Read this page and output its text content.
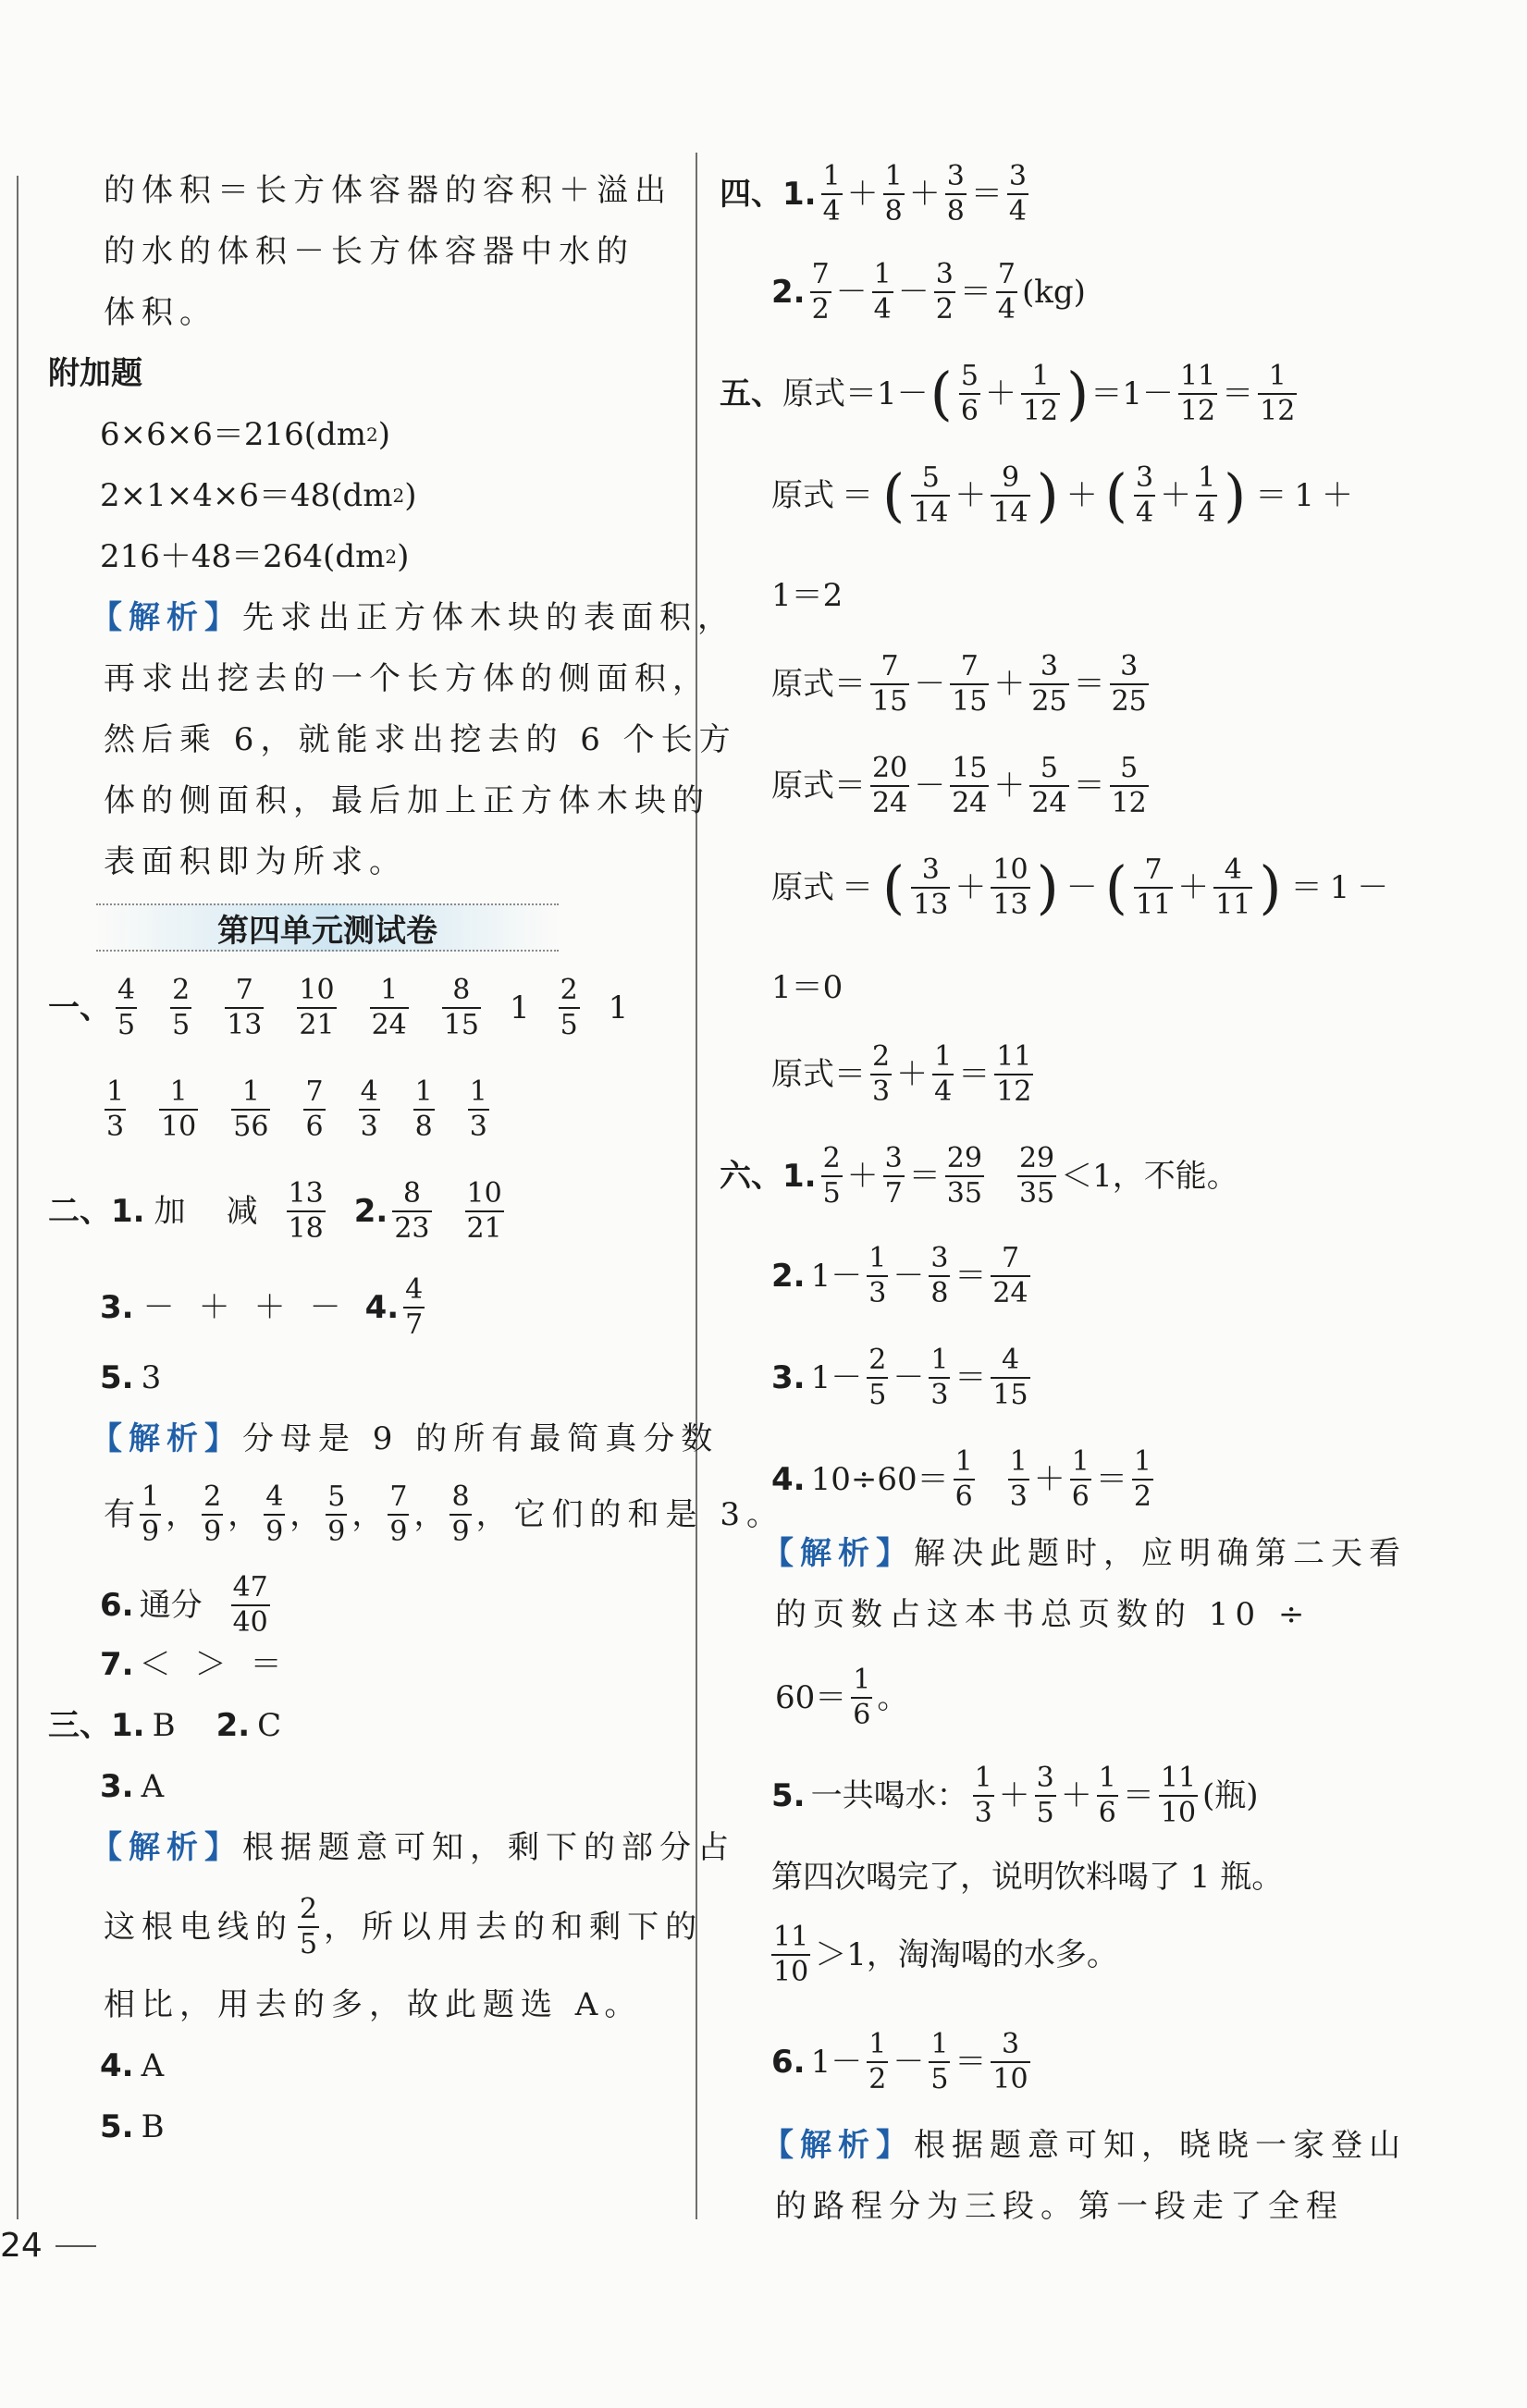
的体积＝长方体容器的容积＋溢出
的水的体积－长方体容器中水的
体积。
附加题
6×6×6＝216(dm 2 )
2×1×4×6＝48(dm 2 )
216＋48＝264(dm 2 )
【解析】 先求出正方体木块的表面积，
再求出挖去的一个长方体的侧面积，
然后乘 6，就能求出挖去的 6 个长方
体的侧面积，最后加上正方体木块的
表面积即为所求。
第四单元测试卷
一、 $\frac{4}{5} \frac{2}{5} \frac{7}{13} \frac{10}{21} \frac{1}{24} \frac{8}{15} 1 \frac{2}{5} 1$
$\frac{1}{3} \frac{1}{10} \frac{1}{56} \frac{7}{6} \frac{4}{3} \frac{1}{8} \frac{1}{3}$
二、1. 加 减 $\frac{13}{18} 2$. $\frac{8}{23} \frac{10}{21}$
3. － ＋ ＋ － 4. $\frac{4}{7}$
5. 3
【解析】 分母是 9 的所有最简真分数
有 $\frac{1}{9}$ ， $\frac{2}{9}$ ， $\frac{4}{9}$ ， $\frac{5}{9}$ ， $\frac{7}{9}$ ， $\frac{8}{9}$ ，它们的和是 3。
6. 通分 $\frac{47}{40}$
7. ＜ ＞ ＝
三、1. B 2. C
3. A
【解析】 根据题意可知，剩下的部分占
这根电线的 $\frac{2}{5}$ ，所以用去的和剩下的
相比，用去的多，故此题选 A。
4. A
5. B
四、1. $\frac{1}{4} + \frac{1}{8} + \frac{3}{8} = \frac{3}{4}$
2. $\frac{7}{2} - \frac{1}{4} - \frac{3}{2} = \frac{7}{4} (kg)$
五、 原式 ＝ 1 － ( $\frac{5}{6} + \frac{1}{12}$ ) ＝ $1 - \frac{11}{12} = \frac{1}{12}$
原式 ＝ ( $\frac{5}{14} + \frac{9}{14}$ ) ＋ ( $\frac{3}{4} + \frac{1}{4}$ ) ＝ 1 ＋
1＝2
原式 ＝ $\frac{7}{15} - \frac{7}{15} + \frac{3}{25} = \frac{3}{25}$
原式 ＝ $\frac{20}{24} - \frac{15}{24} + \frac{5}{24} = \frac{5}{12}$
原式 ＝ ( $\frac{3}{13} + \frac{10}{13}$ ) － ( $\frac{7}{11} + \frac{4}{11}$ ) ＝ 1 －
1＝0
原式 ＝ $\frac{2}{3} + \frac{1}{4} = \frac{11}{12}$
六、1. $\frac{2}{5} + \frac{3}{7} = \frac{29}{35} \frac{29}{35} < 1$，不能。
2. $1 - \frac{1}{3} - \frac{3}{8} = \frac{7}{24}$
3. $1 - \frac{2}{5} - \frac{1}{3} = \frac{4}{15}$
4. $10 \div 60 = \frac{1}{6} \frac{1}{3} + \frac{1}{6} = \frac{1}{2}$
【解析】 解决此题时，应明确第二天看
的页数占这本书总页数的 10 ÷
$60= \frac{1}{6}$ 。
5. 一共喝水： $\frac{1}{3} + \frac{3}{5} + \frac{1}{6} = \frac{11}{10}$ (瓶)
第四次喝完了，说明饮料喝了 1 瓶。
$\frac{11}{10} > 1$，淘淘喝的水多。
6. $1 - \frac{1}{2} - \frac{1}{5} = \frac{3}{10}$
【解析】 根据题意可知，晓晓一家登山
的路程分为三段。第一段走了全程
24
